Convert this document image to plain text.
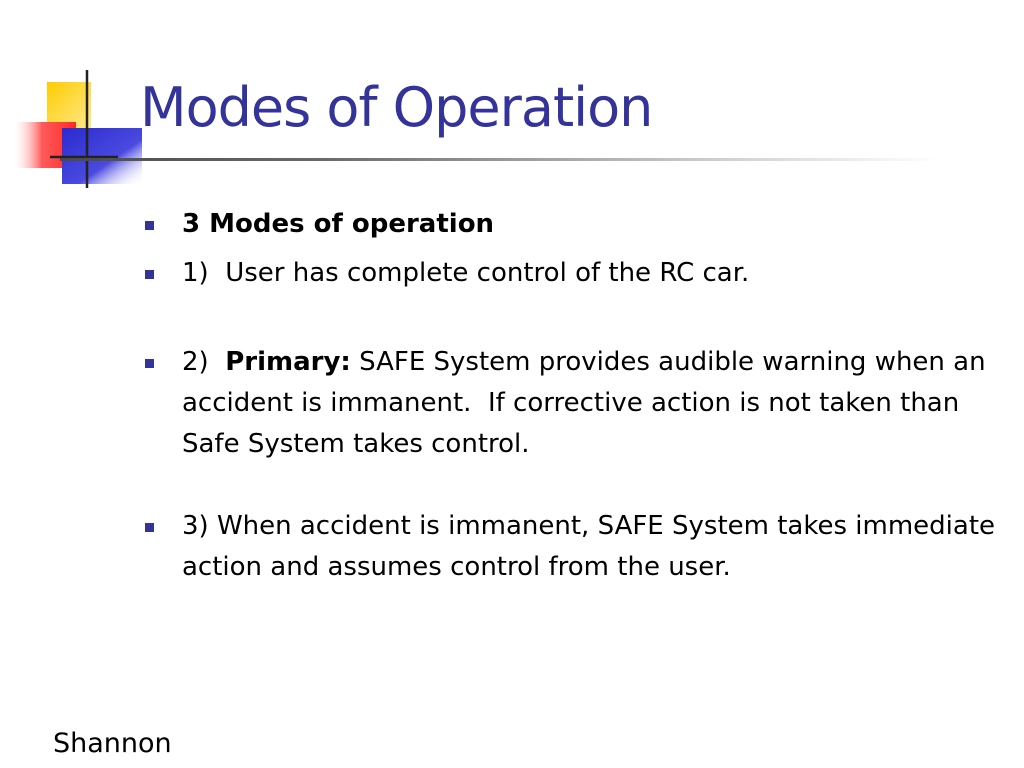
Modes of Operation
3 Modes of operation
1)  User has complete control of the RC car.
2)  Primary: SAFE System provides audible warning when an accident is immanent.  If corrective action is not taken than Safe System takes control.
3) When accident is immanent, SAFE System takes immediate action and assumes control from the user.
Shannon
